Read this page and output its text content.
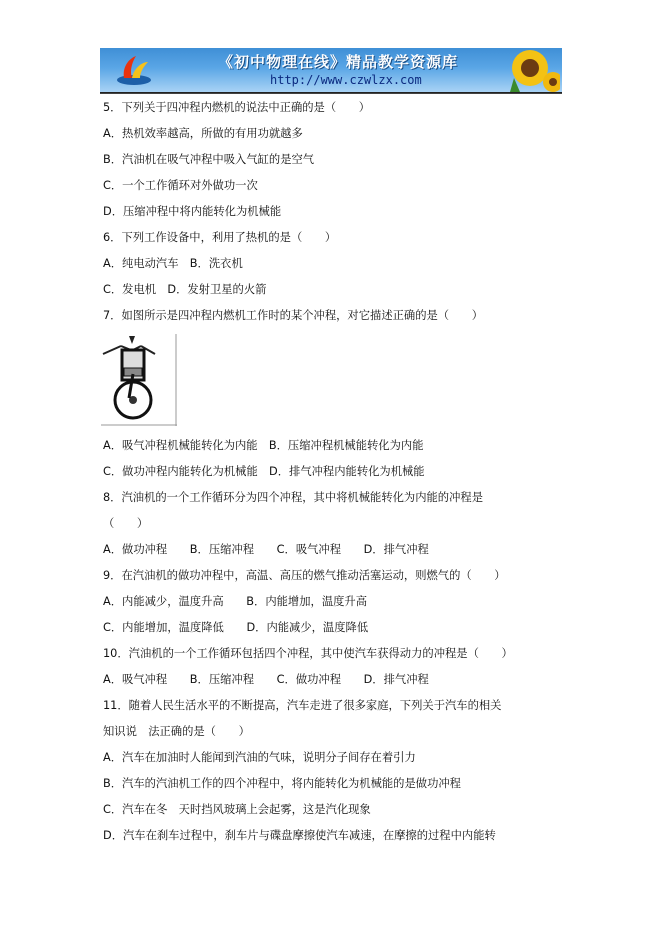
《初中物理在线》精品教学资源库
http://www.czwlzx.com
5．下列关于四冲程内燃机的说法中正确的是（　　）
A．热机效率越高，所做的有用功就越多
B．汽油机在吸气冲程中吸入气缸的是空气
C．一个工作循环对外做功一次
D．压缩冲程中将内能转化为机械能
6．下列工作设备中，利用了热机的是（　　）
A．纯电动汽车　B．洗衣机
C．发电机　D．发射卫星的火箭
7．如图所示是四冲程内燃机工作时的某个冲程，对它描述正确的是（　　）
A．吸气冲程机械能转化为内能　B．压缩冲程机械能转化为内能
C．做功冲程内能转化为机械能　D．排气冲程内能转化为机械能
8．汽油机的一个工作循环分为四个冲程，其中将机械能转化为内能的冲程是
（　　）
A．做功冲程　　B．压缩冲程　　C．吸气冲程　　D．排气冲程
9．在汽油机的做功冲程中，高温、高压的燃气推动活塞运动，则燃气的（　　）
A．内能减少，温度升高　　B．内能增加，温度升高
C．内能增加，温度降低　　D．内能减少，温度降低
10．汽油机的一个工作循环包括四个冲程，其中使汽车获得动力的冲程是（　　）
A．吸气冲程　　B．压缩冲程　　C．做功冲程　　D．排气冲程
11．随着人民生活水平的不断提高，汽车走进了很多家庭，下列关于汽车的相关
知识说　法正确的是（　　）
A．汽车在加油时人能闻到汽油的气味，说明分子间存在着引力
B．汽车的汽油机工作的四个冲程中，将内能转化为机械能的是做功冲程
C．汽车在冬　天时挡风玻璃上会起雾，这是汽化现象
D．汽车在刹车过程中，刹车片与碟盘摩擦使汽车减速，在摩擦的过程中内能转
